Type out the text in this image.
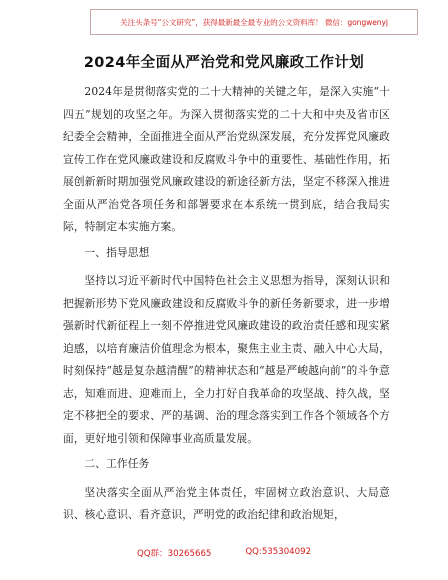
关注头条号“公文研究”，获得最新最全最专业的公文资料库！ 微信：gongwenyj
2024年全面从严治党和党风廉政工作计划

2024年是贯彻落实党的二十大精神的关键之年，是深入实施“十四五”规划的攻坚之年。为深入贯彻落实党的二十大和中央及省市区纪委全会精神，全面推进全面从严治党纵深发展，充分发挥党风廉政宣传工作在党风廉政建设和反腐败斗争中的重要性、基础性作用，拓展创新新时期加强党风廉政建设的新途径新方法，坚定不移深入推进全面从严治党各项任务和部署要求在本系统一贯到底，结合我局实际，特制定本实施方案。

一、指导思想

坚持以习近平新时代中国特色社会主义思想为指导，深刻认识和把握新形势下党风廉政建设和反腐败斗争的新任务新要求，进一步增强新时代新征程上一刻不停推进党风廉政建设的政治责任感和现实紧迫感，以培育廉洁价值理念为根本，聚焦主业主责、融入中心大局，时刻保持“越是复杂越清醒”的精神状态和“越是严峻越向前”的斗争意志，知难而进、迎难而上，全力打好自我革命的攻坚战、持久战，坚定不移把全的要求、严的基调、治的理念落实到工作各个领域各个方面，更好地引领和保障事业高质量发展。

二、工作任务

坚决落实全面从严治党主体责任，牢固树立政治意识、大局意识、核心意识、看齐意识，严明党的政治纪律和政治规矩，

QQ群：30265665	QQ:535304092
